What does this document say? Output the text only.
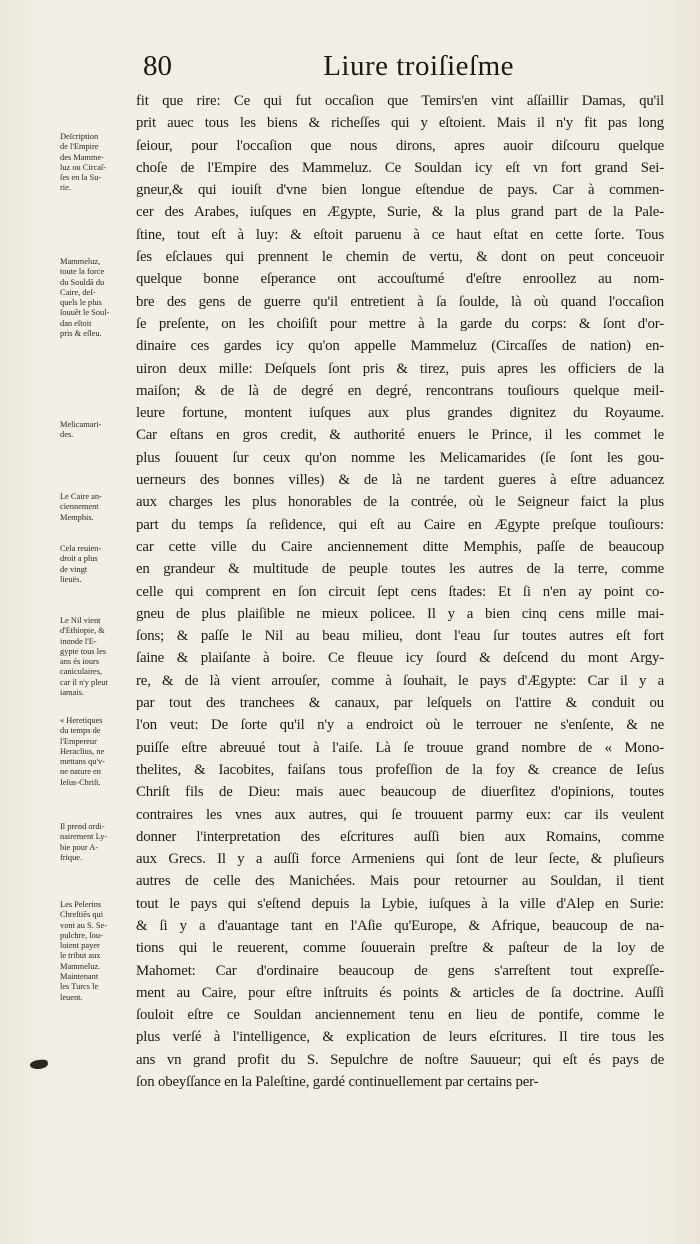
80	Liure troiſieſme
fit que rire: Ce qui fut occaſion que Temirs'en vint aſſaillir Damas, qu'il
prit auec tous les biens & richeſſes qui y eſtoient. Mais il n'y fit pas long
ſeiour, pour l'occaſion que nous dirons, apres auoir diſcouru quelque
choſe de l'Empire des Mammeluz. Ce Souldan icy eſt vn fort grand Sei-
gneur,& qui iouiſt d'vne bien longue eſtendue de pays. Car à commen-
cer des Arabes, iuſques en Ægypte, Surie, & la plus grand part de la Pale-
ſtine, tout eſt à luy: & eſtoit paruenu à ce haut eſtat en cette ſorte. Tous
ſes eſclaues qui prennent le chemin de vertu, & dont on peut conceuoir
quelque bonne eſperance ont accouſtumé d'eſtre enroollez au nom-
bre des gens de guerre qu'il entretient à ſa ſoulde, là où quand l'occaſion
ſe preſente, on les choiſiſt pour mettre à la garde du corps: & ſont d'or-
dinaire ces gardes icy qu'on appelle Mammeluz (Circaſſes de nation) en-
uiron deux mille: Deſquels ſont pris & tirez, puis apres les officiers de la
maiſon; & de là de degré en degré, rencontrans touſiours quelque meil-
leure fortune, montent iuſques aux plus grandes dignitez du Royaume.
Car eſtans en gros credit, & authorité enuers le Prince, il les commet le
plus ſouuent ſur ceux qu'on nomme les Melicamarides (ſe ſont les gou-
uerneurs des bonnes villes) & de là ne tardent gueres à eſtre aduancez
aux charges les plus honorables de la contrée, où le Seigneur faict la plus
part du temps ſa reſidence, qui eſt au Caire en Ægypte preſque touſiours:
car cette ville du Caire anciennement ditte Memphis, paſſe de beaucoup
en grandeur & multitude de peuple toutes les autres de la terre, comme
celle qui comprent en ſon circuit ſept cens ſtades: Et ſi n'en ay point co-
gneu de plus plaiſible ne mieux policee. Il y a bien cinq cens mille mai-
ſons; & paſſe le Nil au beau milieu, dont l'eau ſur toutes autres eſt fort
ſaine & plaiſante à boire. Ce fleuue icy ſourd & deſcend du mont Argy-
re, & de là vient arrouſer, comme à ſouhait, le pays d'Ægypte: Car il y a
par tout des tranchees & canaux, par leſquels on l'attire & conduit ou
l'on veut: De ſorte qu'il n'y a endroict où le terrouer ne s'enſente, & ne
puiſſe eſtre abreuué tout à l'aiſe. Là ſe trouue grand nombre de « Mono-
thelites, & Iacobites, faiſans tous profeſſion de la foy & creance de Ieſus
Chriſt fils de Dieu: mais auec beaucoup de diuerſitez d'opinions, toutes
contraires les vnes aux autres, qui ſe trouuent parmy eux: car ils veulent
donner l'interpretation des eſcritures auſſi bien aux Romains, comme
aux Grecs. Il y a auſſi force Armeniens qui ſont de leur ſecte, & pluſieurs
autres de celle des Manichées. Mais pour retourner au Souldan, il tient
tout le pays qui s'eſtend depuis la Lybie, iuſques à la ville d'Alep en Surie:
& ſi y a d'auantage tant en l'Aſie qu'Europe, & Afrique, beaucoup de na-
tions qui le reuerent, comme ſouuerain preſtre & paſteur de la loy de
Mahomet: Car d'ordinaire beaucoup de gens s'arreſtent tout expreſſe-
ment au Caire, pour eſtre inſtruits és points & articles de ſa doctrine. Auſſi
ſouloit eſtre ce Souldan anciennement tenu en lieu de pontife, comme le
plus verſé à l'intelligence, & explication de leurs eſcritures. Il tire tous les
ans vn grand profit du S. Sepulchre de noſtre Sauueur; qui eſt és pays de
ſon obeyſſance en la Paleſtine, gardé continuellement par certains per-
Deſcription
de l'Empire
des Mamme-
luz ou Circaſ-
ſes en la Su-
rie.
Mammeluz,
toute la force
du Souldã du
Caire, deſ-
quels le plus
ſouuẽt le Soul-
dan eſtoit
pris & eſleu.
Melicamari-
des.
Le Caire an-
ciennement
Memphis.
Cela reuien-
droit a plus
de vingt
lieuës.
Le Nil vient
d'Ethiopie, &
inonde l'E-
gypte tous les
ans és iours
caniculaires,
car il n'y pleut
iamais.
« Heretiques
du temps de
l'Empereur
Heraclius, ne
mettans qu'v-
ne nature en
Ieſus-Chriſt.
Il prend ordi-
nairement Ly-
bie pour A-
frique.
Les Pelerins
Chreſtiẽs qui
vont au S. Se-
pulchre, ſou-
loient payer
le tribut aux
Mammeluz.
Maintenant
les Turcs le
leuent.
